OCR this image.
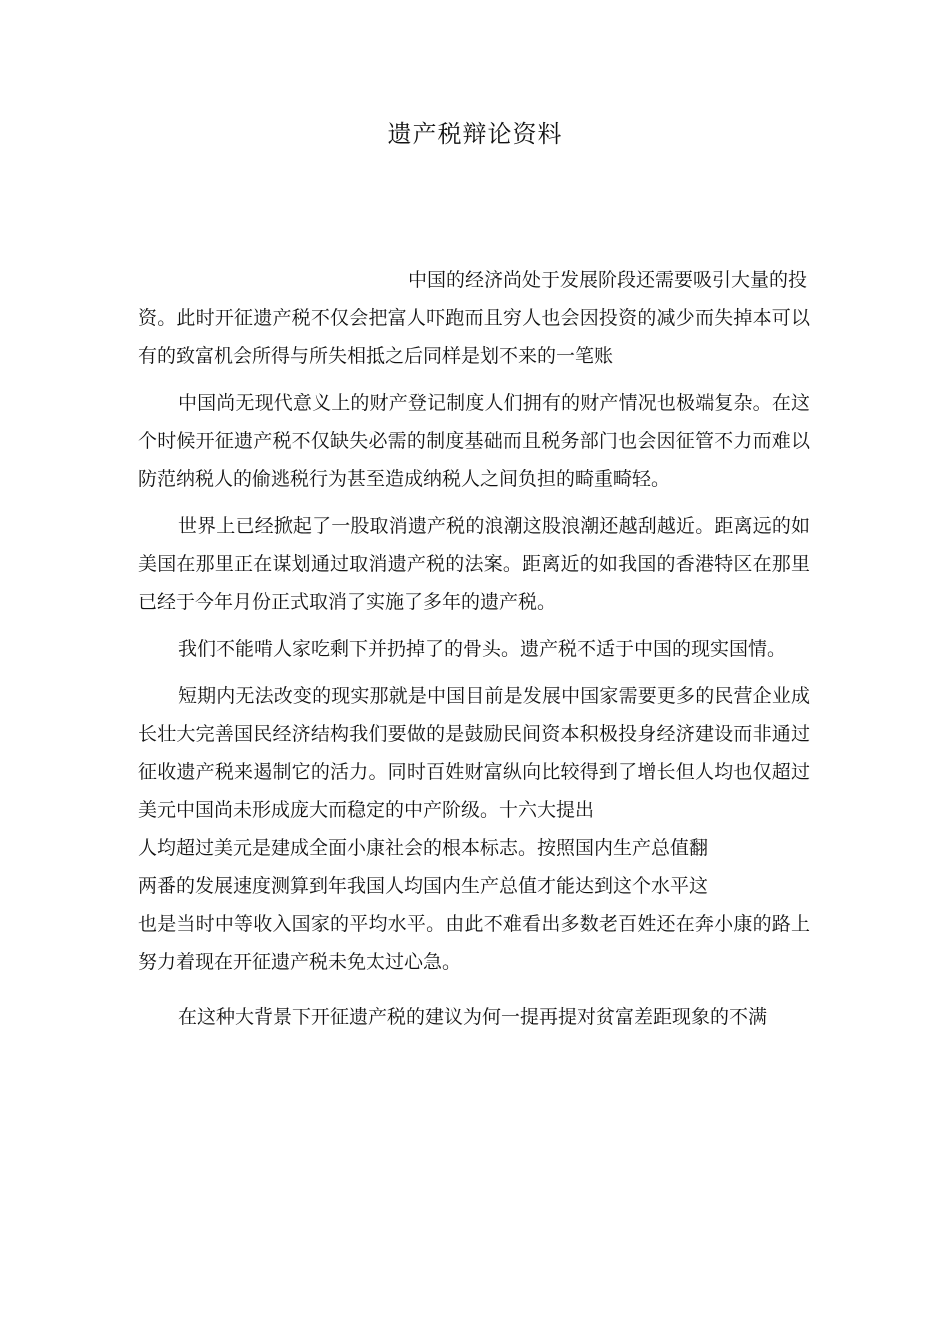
遗产税辩论资料
中国的经济尚处于发展阶段还需要吸引大量的投
资。此时开征遗产税不仅会把富人吓跑而且穷人也会因投资的减少而失掉本可以
有的致富机会所得与所失相抵之后同样是划不来的一笔账
中国尚无现代意义上的财产登记制度人们拥有的财产情况也极端复杂。在这
个时候开征遗产税不仅缺失必需的制度基础而且税务部门也会因征管不力而难以
防范纳税人的偷逃税行为甚至造成纳税人之间负担的畸重畸轻。
世界上已经掀起了一股取消遗产税的浪潮这股浪潮还越刮越近。距离远的如
美国在那里正在谋划通过取消遗产税的法案。距离近的如我国的香港特区在那里
已经于今年月份正式取消了实施了多年的遗产税。
我们不能啃人家吃剩下并扔掉了的骨头。遗产税不适于中国的现实国情。
短期内无法改变的现实那就是中国目前是发展中国家需要更多的民营企业成
长壮大完善国民经济结构我们要做的是鼓励民间资本积极投身经济建设而非通过
征收遗产税来遏制它的活力。同时百姓财富纵向比较得到了增长但人均也仅超过
美元中国尚未形成庞大而稳定的中产阶级。十六大提出
人均超过美元是建成全面小康社会的根本标志。按照国内生产总值翻
两番的发展速度测算到年我国人均国内生产总值才能达到这个水平这
也是当时中等收入国家的平均水平。由此不难看出多数老百姓还在奔小康的路上
努力着现在开征遗产税未免太过心急。
在这种大背景下开征遗产税的建议为何一提再提对贫富差距现象的不满
